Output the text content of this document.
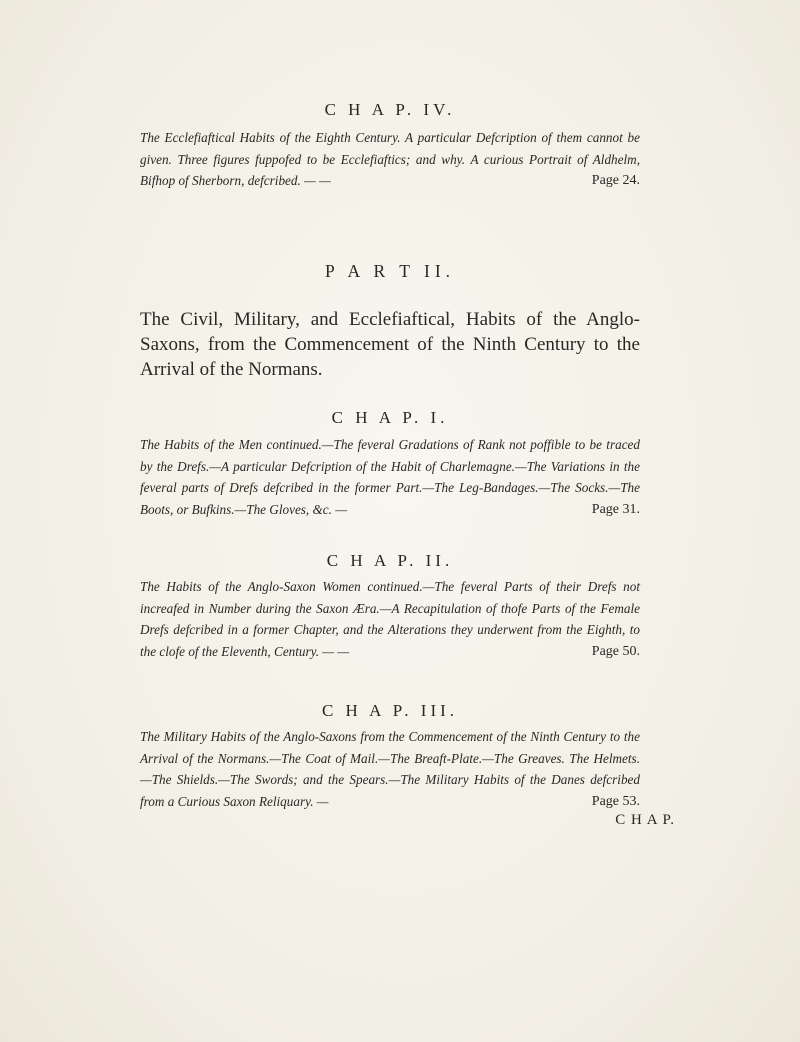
C H A P. IV.

The Ecclefiaftical Habits of the Eighth Century. A particular Defcription of them cannot be given. Three figures fuppofed to be Ecclefiaftics; and why. A curious Portrait of Aldhelm, Bifhop of Sherborn, defcribed. — —	Page 24.

P A R T II.

The Civil, Military, and Ecclefiaftical, Habits of the Anglo-Saxons, from the Commencement of the Ninth Century to the Arrival of the Normans.

C H A P. I.

The Habits of the Men continued.—The feveral Gradations of Rank not poffible to be traced by the Drefs.—A particular Defcription of the Habit of Charlemagne.—The Variations in the feveral parts of Drefs defcribed in the former Part.—The Leg-Bandages.—The Socks.—The Boots, or Bufkins.—The Gloves, &c. —	Page 31.

C H A P. II.

The Habits of the Anglo-Saxon Women continued.—The feveral Parts of their Drefs not increafed in Number during the Saxon Æra.—A Recapitulation of thofe Parts of the Female Drefs defcribed in a former Chapter, and the Alterations they underwent from the Eighth, to the clofe of the Eleventh, Century. — —	Page 50.

C H A P. III.

The Military Habits of the Anglo-Saxons from the Commencement of the Ninth Century to the Arrival of the Normans.—The Coat of Mail.—The Breaft-Plate.—The Greaves. The Helmets.—The Shields.—The Swords; and the Spears.—The Military Habits of the Danes defcribed from a Curious Saxon Reliquary. —	Page 53.

C H A P.
